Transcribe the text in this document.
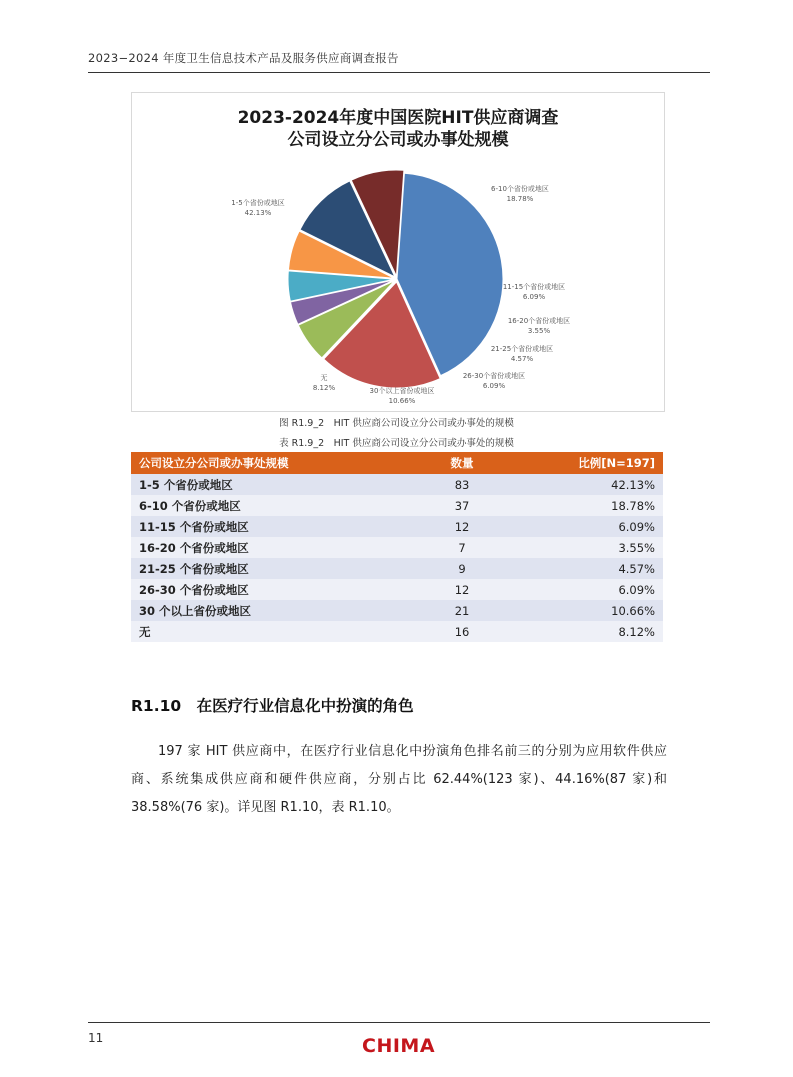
2023−2024 年度卫生信息技术产品及服务供应商调查报告
2023-2024年度中国医院HIT供应商调查
公司设立分公司或办事处规模
1-5个省份或地区
42.13%
6-10个省份或地区
18.78%
11-15个省份或地区
6.09%
16-20个省份或地区
3.55%
21-25个省份或地区
4.57%
26-30个省份或地区
6.09%
30个以上省份或地区
10.66%
无
8.12%
图 R1.9_2　HIT 供应商公司设立分公司或办事处的规模
表 R1.9_2　HIT 供应商公司设立分公司或办事处的规模
公司设立分公司或办事处规模	数量	比例[N=197]
1-5 个省份或地区	83	42.13%
6-10 个省份或地区	37	18.78%
11-15 个省份或地区	12	6.09%
16-20 个省份或地区	7	3.55%
21-25 个省份或地区	9	4.57%
26-30 个省份或地区	12	6.09%
30 个以上省份或地区	21	10.66%
无	16	8.12%
R1.10　在医疗行业信息化中扮演的角色
197 家 HIT 供应商中，在医疗行业信息化中扮演角色排名前三的分别为应用软件供应商、系统集成供应商和硬件供应商，分别占比 62.44%(123 家)、44.16%(87 家)和 38.58%(76 家)。详见图 R1.10，表 R1.10。
11	CHIMA
